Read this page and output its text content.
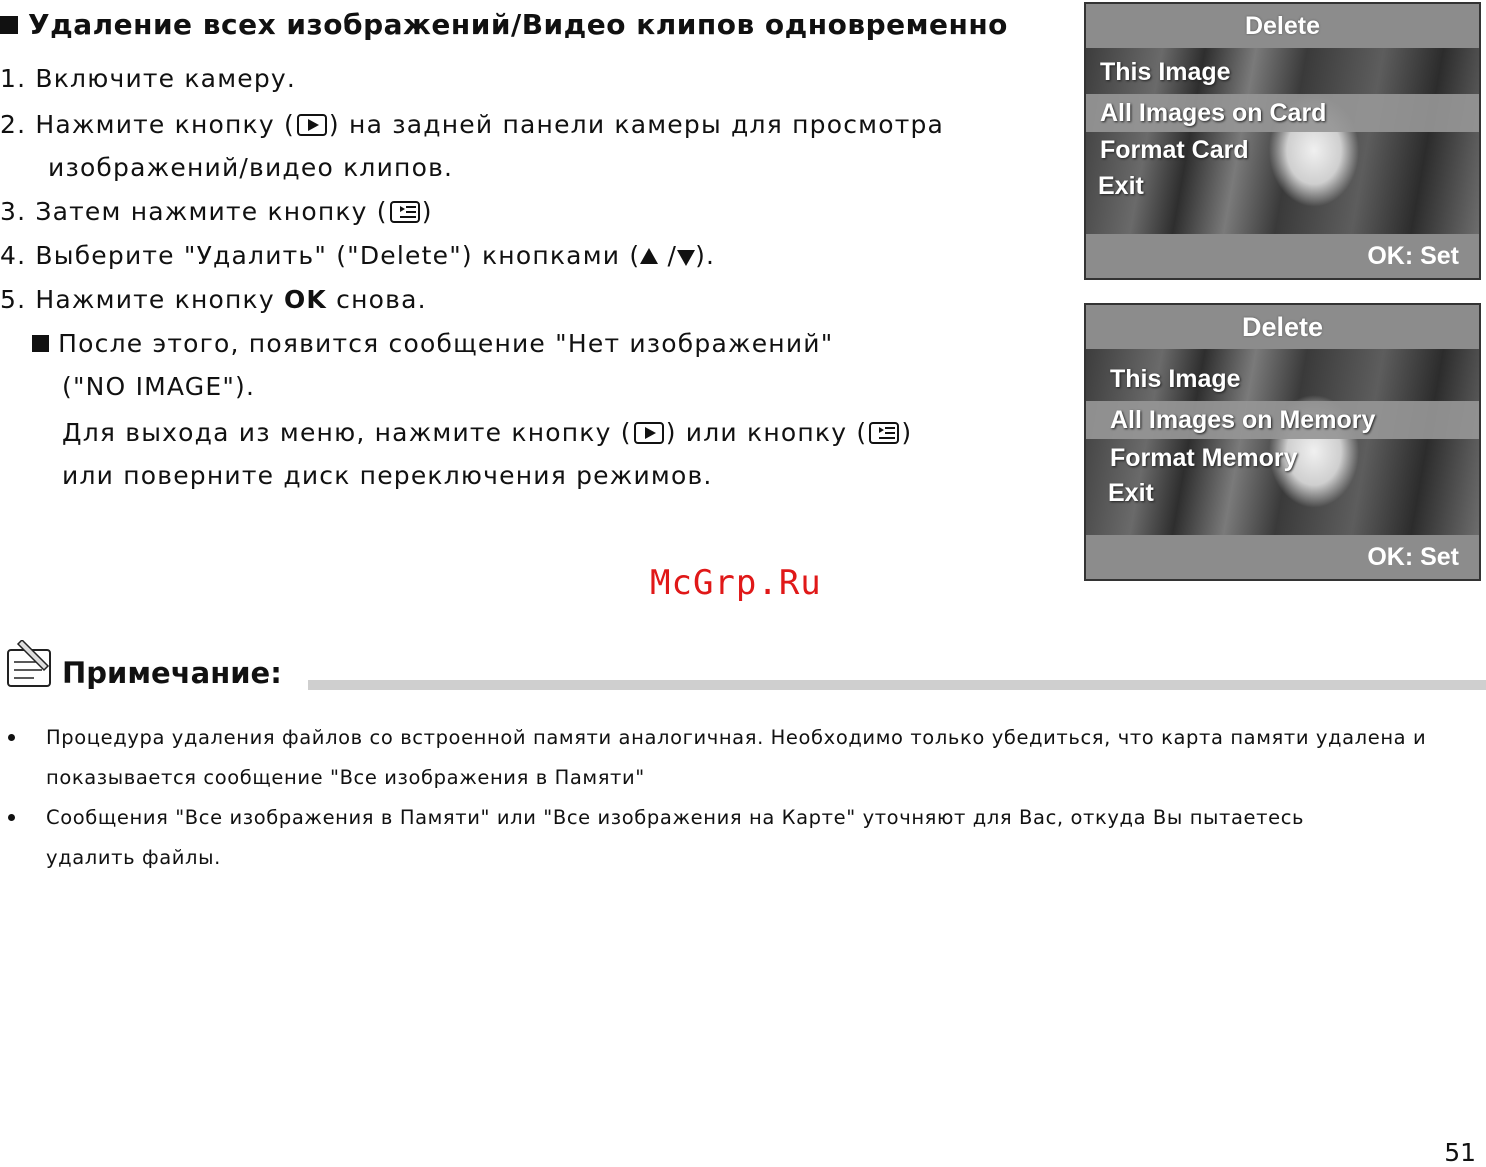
Удаление всех изображений/Видео клипов одновременно
1. Включите камеру.
2. Нажмите кнопку ( ) на задней панели камеры для просмотра
изображений/видео клипов.
3. Затем нажмите кнопку ( )
4. Выберите "Удалить" ("Delete") кнопками ( / ).
5. Нажмите кнопку OK снова.
После этого, появится сообщение "Нет изображений"
("NO IMAGE").
Для выхода из меню, нажмите кнопку ( ) или кнопку ( )
или поверните диск переключения режимов.
Delete
This Image
All Images on Card
Format Card
Exit
OK: Set
Delete
This Image
All Images on Memory
Format Memory
Exit
OK: Set
McGrp.Ru
Примечание:
Процедура удаления файлов со встроенной памяти аналогичная. Необходимо только убедиться, что карта памяти удалена и
показывается сообщение "Все изображения в Памяти"
Сообщения "Все изображения в Памяти" или "Все изображения на Карте" уточняют для Вас, откуда Вы пытаетесь
удалить файлы.
51
